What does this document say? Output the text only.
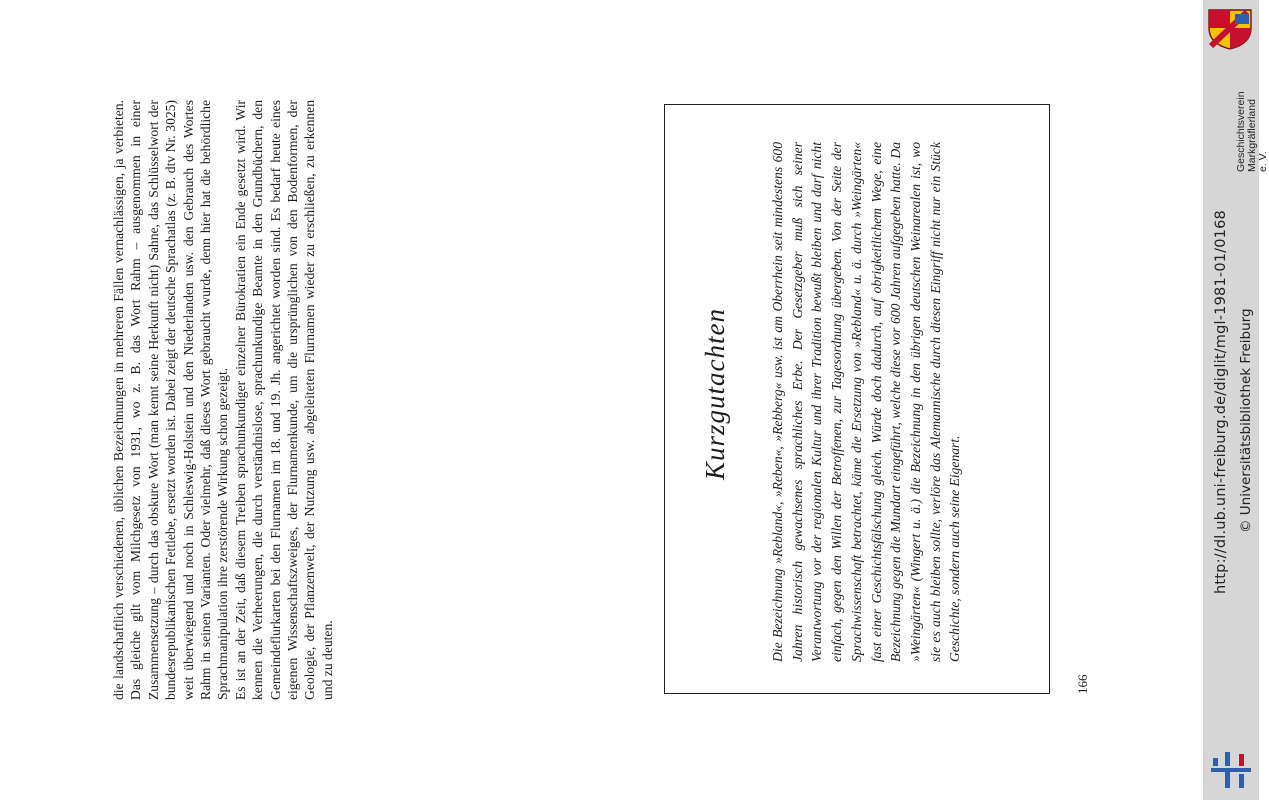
die landschaftlich verschiedenen, üblichen Bezeichnungen in mehreren Fällen vernachlässigen, ja verbieten. Das gleiche gilt vom Milchgesetz von 1931, wo z. B. das Wort Rahm – ausgenommen in einer Zusammensetzung – durch das obskure Wort (man kennt seine Herkunft nicht) Sahne, das Schlüsselwort der bundesrepublikanischen Fettlebe, ersetzt worden ist. Dabei zeigt der deutsche Sprachatlas (z. B. dtv Nr. 3025) weit überwiegend und noch in Schleswig-Holstein und den Niederlanden usw. den Gebrauch des Wortes Rahm in seinen Varianten. Oder vielmehr, daß dieses Wort gebraucht wurde, denn hier hat die behördliche Sprachmanipulation ihre zerstörende Wirkung schon gezeigt. Es ist an der Zeit, daß diesem Treiben sprachunkundiger einzelner Bürokratien ein Ende gesetzt wird. Wir kennen die Verheerungen, die durch verständnislose, sprachunkundige Beamte in den Grundbüchern, den Gemeindeflurkarten bei den Flurnamen im 18. und 19. Jh. angerichtet worden sind. Es bedarf heute eines eigenen Wissenschaftszweiges, der Flurnamenkunde, um die ursprünglichen von den Bodenformen, der Geologie, der Pflanzenwelt, der Nutzung usw. abgeleiteten Flurnamen wieder zu erschließen, zu erkennen und zu deuten.

Kurzgutachten	Die Bezeichnung »Rebland«, »Reben«, »Rebberg« usw. ist am Oberrhein seit mindestens 600 Jahren historisch gewachsenes sprachliches Erbe. Der Gesetzgeber muß sich seiner Verantwortung vor der regionalen Kultur und ihrer Tradition bewußt bleiben und darf nicht einfach, gegen den Willen der Betroffenen, zur Tagesordnung übergeben. Von der Seite der Sprachwissenschaft betrachtet, käme die Ersetzung von »Rebland« u. ä. durch »Weingärten« fast einer Geschichtsfälschung gleich. Würde doch dadurch, auf obrigkeitlichem Wege, eine Bezeichnung gegen die Mundart eingeführt, welche diese vor 600 Jahren aufgegeben hatte. Da »Weingärten« (Wingert u. ä.) die Bezeichnung in den übrigen deutschen Weinarealen ist, wo sie es auch bleiben sollte, verlöre das Alemannische durch diesen Eingriff nicht nur ein Stück Geschichte, sondern auch seine Eigenart.
166
Geschichtsverein Markgräflerland e. V.
http://dl.ub.uni-freiburg.de/diglit/mgl-1981-01/0168 © Universitätsbibliothek Freiburg
